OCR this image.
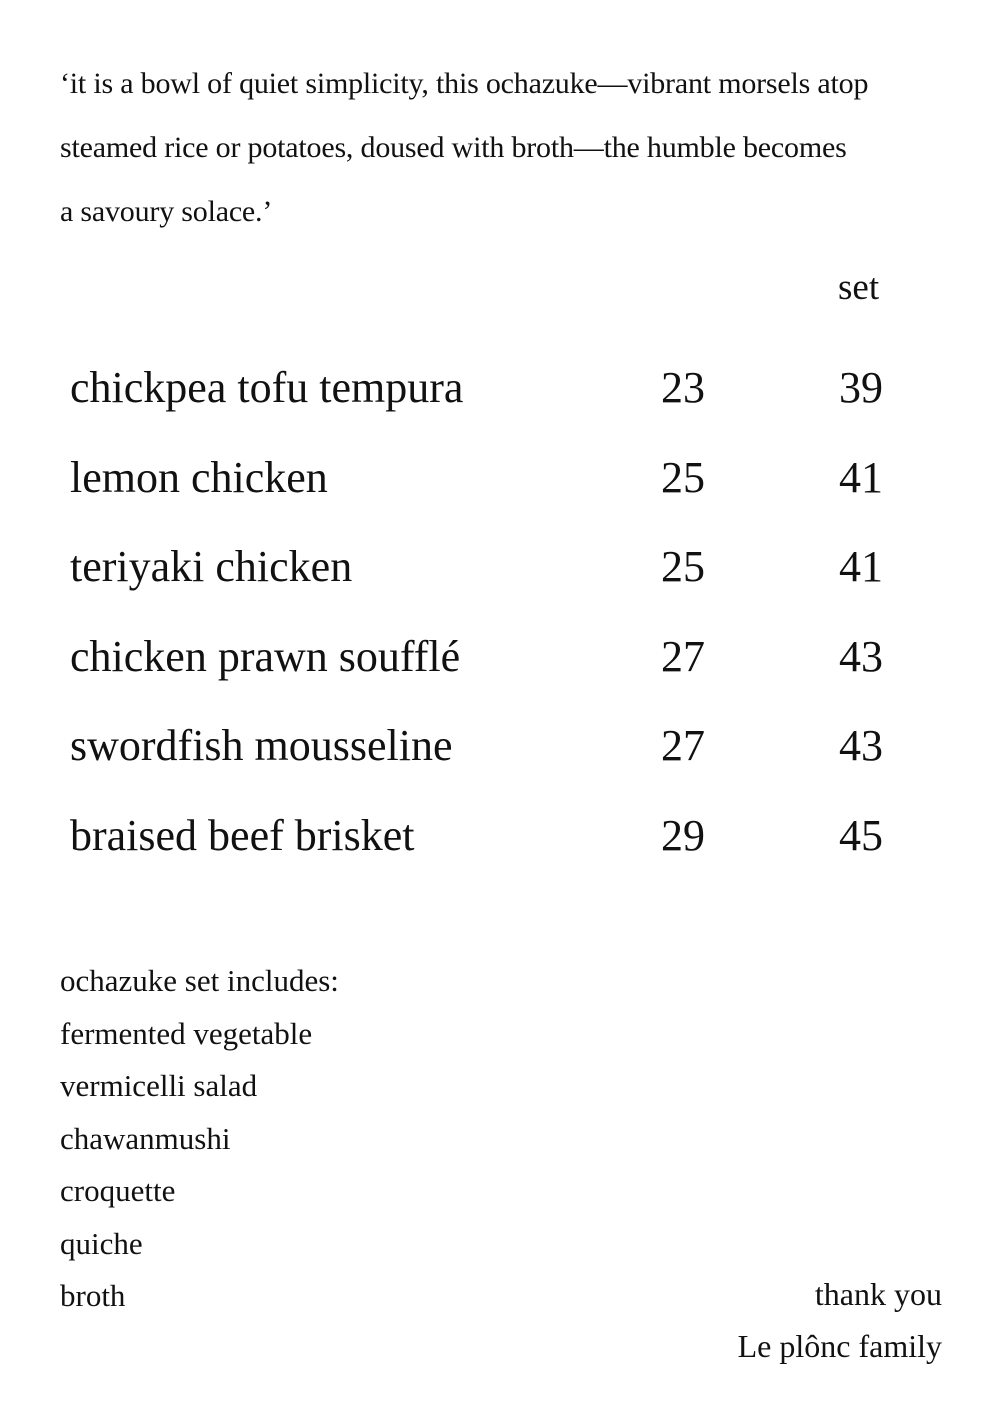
‘it is a bowl of quiet simplicity, this ochazuke—vibrant morsels atop
steamed rice or potatoes, doused with broth—the humble becomes
a savoury solace.’
set
chickpea tofu tempura	23	39
lemon chicken	25	41
teriyaki chicken	25	41
chicken prawn soufflé	27	43
swordfish mousseline	27	43
braised beef brisket	29	45
ochazuke set includes:
fermented vegetable
vermicelli salad
chawanmushi
croquette
quiche
broth	thank you
Le plônc family
